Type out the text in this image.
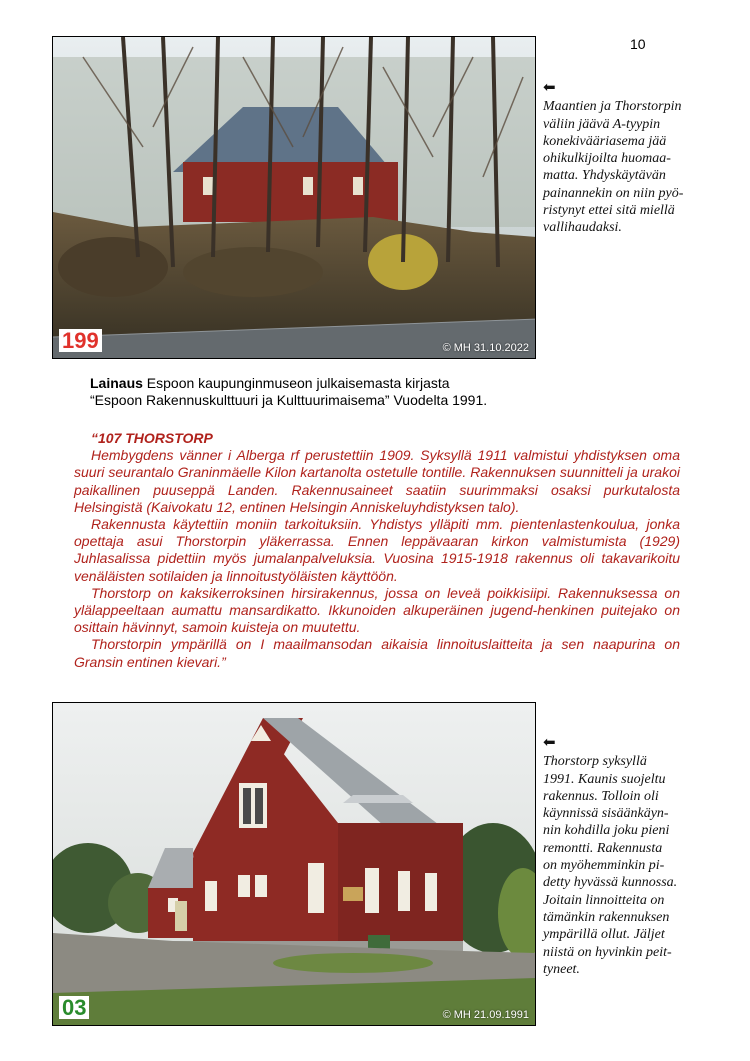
10
199	© MH 31.10.2022
⬅
Maantien ja Thorstorpin
väliin jäävä A-tyypin
konekivääriasema jää
ohikulkijoilta huomaa-
matta. Yhdyskäytävän
painannekin on niin pyö-
ristynyt ettei sitä miellä
vallihaudaksi.
Lainaus Espoon kaupunginmuseon julkaisemasta kirjasta
“Espoon Rakennuskulttuuri ja Kulttuurimaisema” Vuodelta 1991.
“107 THORSTORP

Hembygdens vänner i Alberga rf perustettiin 1909. Syksyllä 1911 valmistui yhdistyksen oma suuri seurantalo Graninmäelle Kilon kartanolta ostetulle tontille. Rakennuksen suunnitteli ja urakoi paikallinen puuseppä Landen. Rakennusaineet saatiin suurimmaksi osaksi purkutalosta Helsingistä (Kaivokatu 12, entinen Helsingin Anniskeluyhdistyksen talo).

Rakennusta käytettiin moniin tarkoituksiin. Yhdistys ylläpiti mm. pientenlastenkoulua, jonka opettaja asui Thorstorpin yläkerrassa. Ennen leppävaaran kirkon valmistumista (1929) Juhlasalissa pidettiin myös jumalanpalveluksia. Vuosina 1915-1918 rakennus oli takavarikoitu venäläisten sotilaiden ja linnoitustyöläisten käyttöön.

Thorstorp on kaksikerroksinen hirsirakennus, jossa on leveä poikkisiipi. Rakennuksessa on ylälappeeltaan aumattu mansardikatto. Ikkunoiden alkuperäinen jugend-henkinen puitejako on osittain hävinnyt, samoin kuisteja on muutettu.

Thorstorpin ympärillä on I maailmansodan aikaisia linnoituslaitteita ja sen naapurina on Gransin entinen kievari.”

03	© MH 21.09.1991
⬅
Thorstorp syksyllä
1991. Kaunis suojeltu
rakennus. Tolloin oli
käynnissä sisäänkäyn-
nin kohdilla joku pieni
remontti. Rakennusta
on myöhemminkin pi-
detty hyvässä kunnossa.
Joitain linnoitteita on
tämänkin rakennuksen
ympärillä ollut. Jäljet
niistä on hyvinkin peit-
tyneet.
